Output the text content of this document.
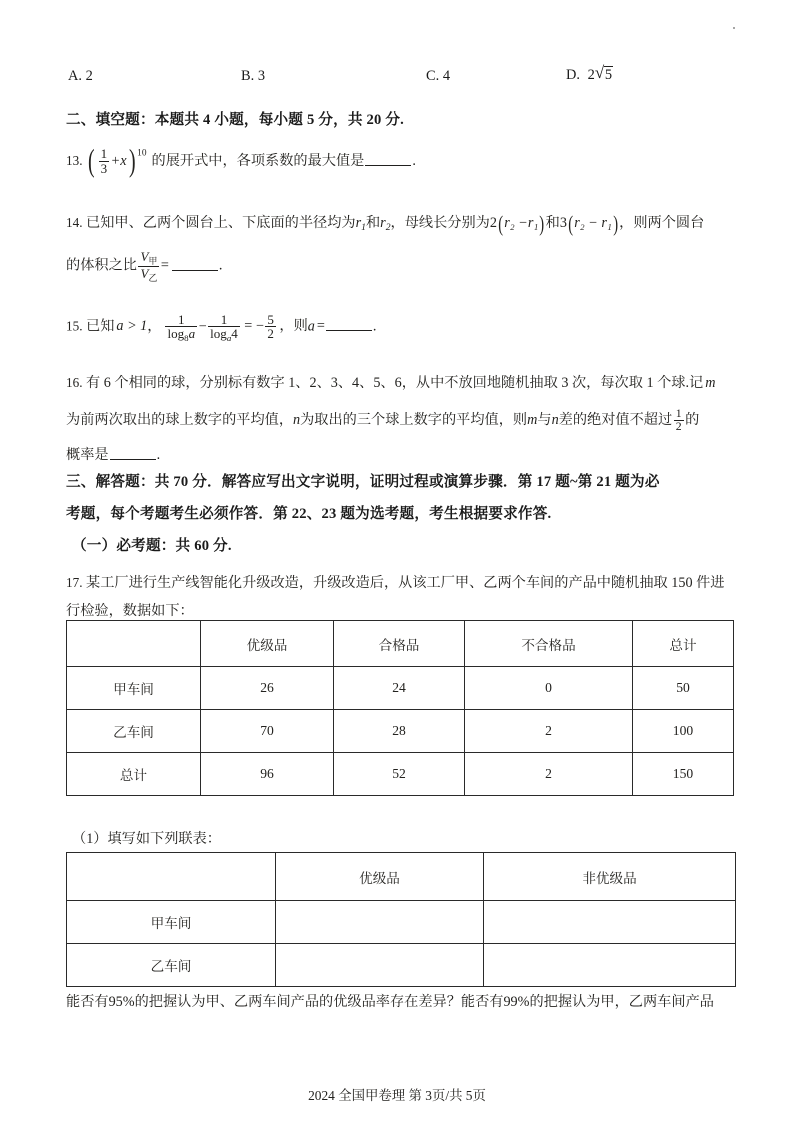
A. 2	B. 3	C. 4	D. 2 √ 5
二、填空题：本题共 4 小题，每小题 5 分，共 20 分.
13. ( $\frac{1}{3} +x$) $^{10}$ 的展开式中，各项系数的最大值是	.
14. 已知甲、乙两个圆台上、下底面的半径均为$r_1$和$r_2$，母线长分别为2(r₂ −r₁)和3(r₂ − r₁)，则两个圆台
的体积之比 $\frac{V_甲}{V_乙}$ =	.
15. 已知 a > 1， $\frac{1}{\log_8a} - \frac{1}{\log_a4}$ = − $\frac{5}{2}$ ，则a =	.
16. 有 6 个相同的球，分别标有数字 1、2、3、4、5、6，从中不放回地随机抽取 3 次，每次取 1 个球.记 m
为前两次取出的球上数字的平均值，n为取出的三个球上数字的平均值，则m与n差的绝对值不超过 $\frac{1}{2}$ 的
概率是	.
三、解答题：共 70 分．解答应写出文字说明，证明过程或演算步骤．第 17 题~第 21 题为必
考题，每个考题考生必须作答．第 22、23 题为选考题，考生根据要求作答.
（一）必考题：共 60 分.
17. 某工厂进行生产线智能化升级改造，升级改造后，从该工厂甲、乙两个车间的产品中随机抽取 150 件进
行检验，数据如下：
	优级品	合格品	不合格品	总计
甲车间	26	24	0	50
乙车间	70	28	2	100
总计	96	52	2	150
（1）填写如下列联表：
	优级品	非优级品
甲车间		
乙车间		
能否有95%的把握认为甲、乙两车间产品的优级品率存在差异？能否有99%的把握认为甲，乙两车间产品
2024 全国甲卷理 第 3页/共 5页
